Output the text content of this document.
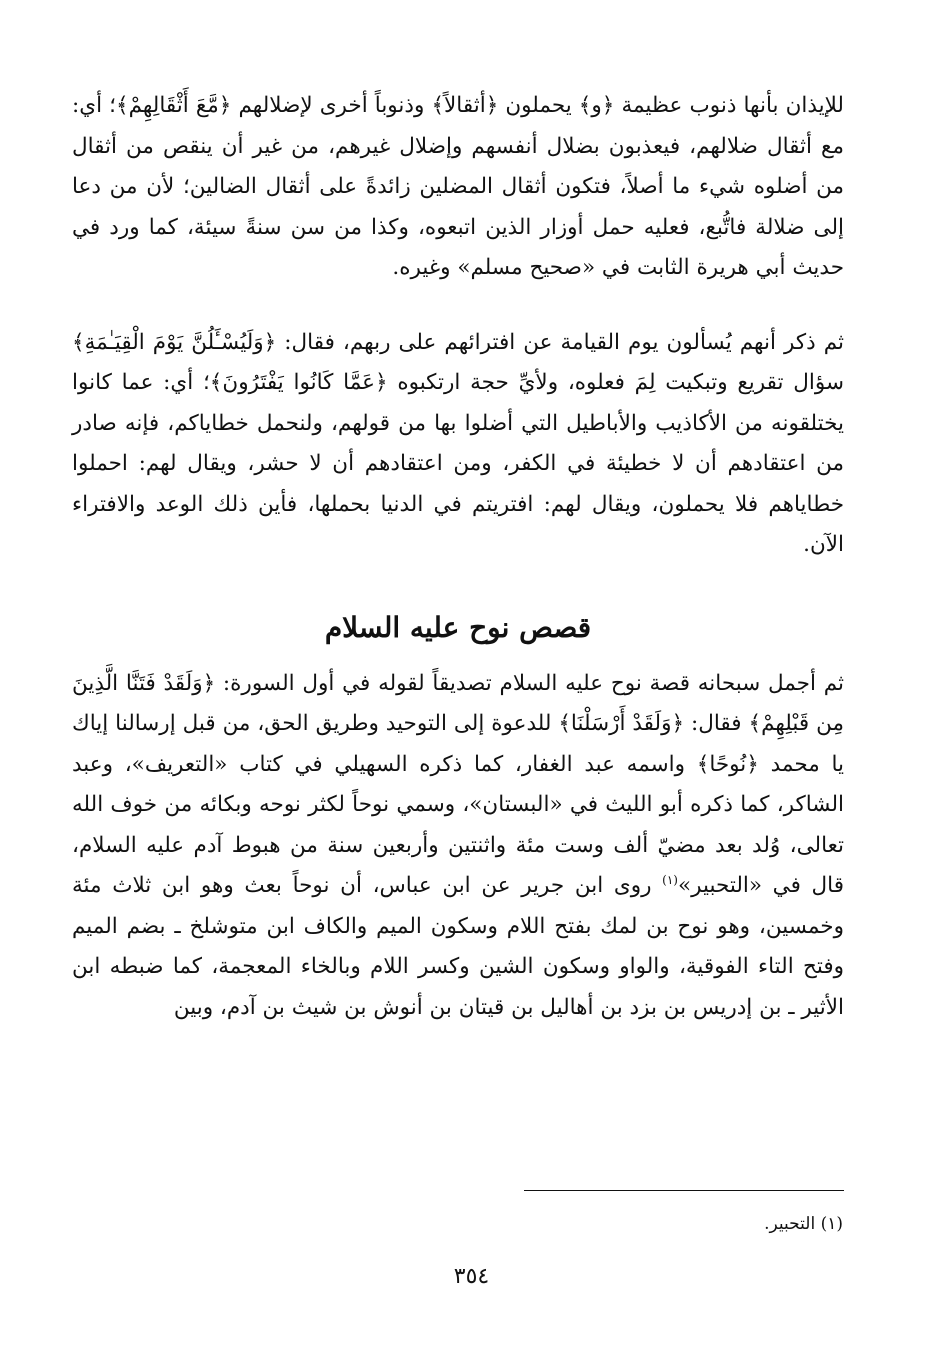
للإيذان بأنها ذنوب عظيمة ﴿و﴾ يحملون ﴿أثقالاً﴾ وذنوباً أخرى لإضلالهم ﴿مَّعَ أَثْقَالِهِمْ﴾؛ أي: مع أثقال ضلالهم، فيعذبون بضلال أنفسهم وإضلال غيرهم، من غير أن ينقص من أثقال من أضلوه شيء ما أصلاً، فتكون أثقال المضلين زائدةً على أثقال الضالين؛ لأن من دعا إلى ضلالة فاتُّبع، فعليه حمل أوزار الذين اتبعوه، وكذا من سن سنةً سيئة، كما ورد في حديث أبي هريرة الثابت في «صحيح مسلم» وغيره.

ثم ذكر أنهم يُسألون يوم القيامة عن افترائهم على ربهم، فقال: ﴿وَلَيُسْـَٔلُنَّ يَوْمَ الْقِيَـٰمَةِ﴾ سؤال تقريع وتبكيت لِمَ فعلوه، ولأيِّ حجة ارتكبوه ﴿عَمَّا كَانُوا يَفْتَرُونَ﴾؛ أي: عما كانوا يختلقونه من الأكاذيب والأباطيل التي أضلوا بها من قولهم، ولنحمل خطاياكم، فإنه صادر من اعتقادهم أن لا خطيئة في الكفر، ومن اعتقادهم أن لا حشر، ويقال لهم: احملوا خطاياهم فلا يحملون، ويقال لهم: افتريتم في الدنيا بحملها، فأين ذلك الوعد والافتراء الآن.

قصص نوح عليه السلام

ثم أجمل سبحانه قصة نوح عليه السلام تصديقاً لقوله في أول السورة: ﴿وَلَقَدْ فَتَنَّا الَّذِينَ مِن قَبْلِهِمْ﴾ فقال: ﴿وَلَقَدْ أَرْسَلْنَا﴾ للدعوة إلى التوحيد وطريق الحق، من قبل إرسالنا إياك يا محمد ﴿نُوحًا﴾ واسمه عبد الغفار، كما ذكره السهيلي في كتاب «التعريف»، وعبد الشاكر، كما ذكره أبو الليث في «البستان»، وسمي نوحاً لكثر نوحه وبكائه من خوف الله تعالى، وُلد بعد مضيّ ألف وست مئة واثنتين وأربعين سنة من هبوط آدم عليه السلام، قال في «التحبير»$^{(١)}$ روى ابن جرير عن ابن عباس، أن نوحاً بعث وهو ابن ثلاث مئة وخمسين، وهو نوح بن لمك بفتح اللام وسكون الميم والكاف ابن متوشلخ ـ بضم الميم وفتح التاء الفوقية، والواو وسكون الشين وكسر اللام وبالخاء المعجمة، كما ضبطه ابن الأثير ـ بن إدريس بن بزد بن أهاليل بن قيتان بن أنوش بن شيث بن آدم، وبين

(١) التحبير.
٣٥٤
